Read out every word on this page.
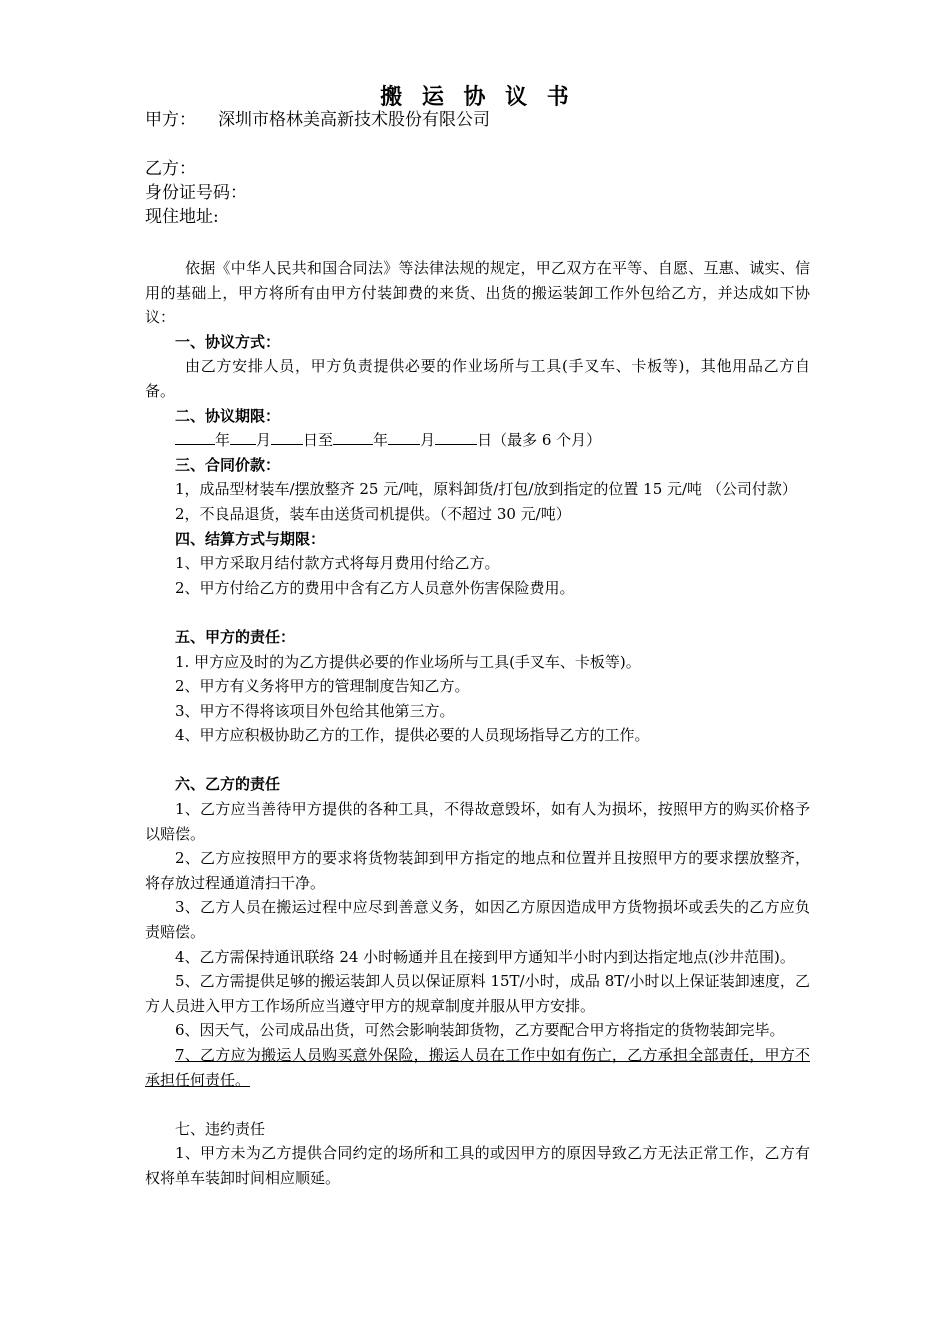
搬 运 协 议 书
甲方： 深圳市格林美高新技术股份有限公司
乙方：
身份证号码：
现住地址:

依据《中华人民共和国合同法》等法律法规的规定，甲乙双方在平等、自愿、互惠、诚实、信用的基础上，甲方将所有由甲方付装卸费的来货、出货的搬运装卸工作外包给乙方，并达成如下协议：

一、协议方式：

由乙方安排人员，甲方负责提供必要的作业场所与工具(手叉车、卡板等)，其他用品乙方自备。

二、协议期限：

年 月 日至	年 月	日（最多 6 个月）

三、合同价款：

1，成品型材装车/摆放整齐 25 元/吨，原料卸货/打包/放到指定的位置 15 元/吨 （公司付款）

2，不良品退货，装车由送货司机提供。（不超过 30 元/吨）

四、结算方式与期限：

1、甲方采取月结付款方式将每月费用付给乙方。

2、甲方付给乙方的费用中含有乙方人员意外伤害保险费用。

五、甲方的责任：

1. 甲方应及时的为乙方提供必要的作业场所与工具(手叉车、卡板等)。

2、甲方有义务将甲方的管理制度告知乙方。

3、甲方不得将该项目外包给其他第三方。

4、甲方应积极协助乙方的工作，提供必要的人员现场指导乙方的工作。

六、乙方的责任

1、乙方应当善待甲方提供的各种工具，不得故意毁坏，如有人为损坏，按照甲方的购买价格予以赔偿。

2、乙方应按照甲方的要求将货物装卸到甲方指定的地点和位置并且按照甲方的要求摆放整齐，将存放过程通道清扫干净。

3、乙方人员在搬运过程中应尽到善意义务，如因乙方原因造成甲方货物损坏或丢失的乙方应负责赔偿。

4、乙方需保持通讯联络 24 小时畅通并且在接到甲方通知半小时内到达指定地点(沙井范围)。

5、乙方需提供足够的搬运装卸人员以保证原料 15T/小时，成品 8T/小时以上保证装卸速度，乙方人员进入甲方工作场所应当遵守甲方的规章制度并服从甲方安排。

6、因天气，公司成品出货，可然会影响装卸货物，乙方要配合甲方将指定的货物装卸完毕。

7、乙方应为搬运人员购买意外保险，搬运人员在工作中如有伤亡，乙方承担全部责任，甲方不承担任何责任。

七、违约责任

1、甲方未为乙方提供合同约定的场所和工具的或因甲方的原因导致乙方无法正常工作，乙方有权将单车装卸时间相应顺延。
